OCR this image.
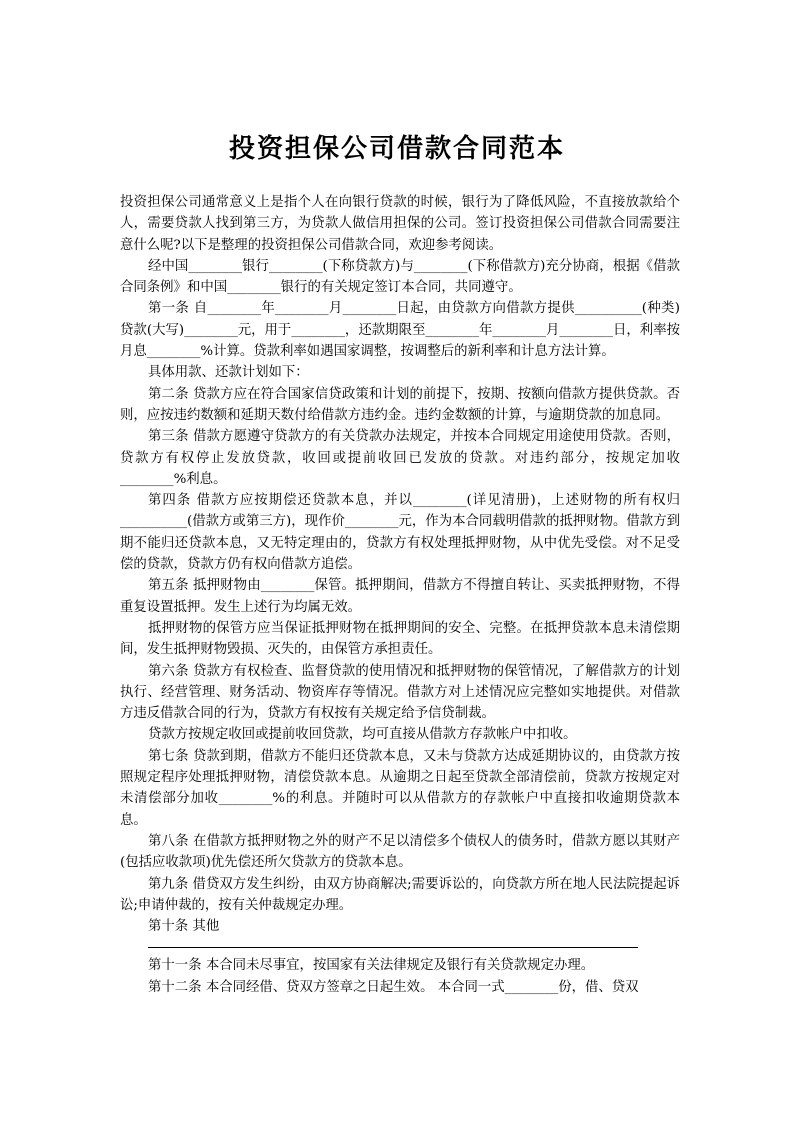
投资担保公司借款合同范本

投资担保公司通常意义上是指个人在向银行贷款的时候，银行为了降低风险，不直接放款给个人，需要贷款人找到第三方，为贷款人做信用担保的公司。签订投资担保公司借款合同需要注意什么呢?以下是整理的投资担保公司借款合同，欢迎参考阅读。

经中国________银行________(下称贷款方)与________(下称借款方)充分协商，根据《借款合同条例》和中国________银行的有关规定签订本合同，共同遵守。

第一条 自________年________月________日起，由贷款方向借款方提供__________(种类)贷款(大写)________元，用于________，还款期限至________年________月________日，利率按月息________%计算。贷款利率如遇国家调整，按调整后的新利率和计息方法计算。

具体用款、还款计划如下：

第二条 贷款方应在符合国家信贷政策和计划的前提下，按期、按额向借款方提供贷款。否则，应按违约数额和延期天数付给借款方违约金。违约金数额的计算，与逾期贷款的加息同。

第三条 借款方愿遵守贷款方的有关贷款办法规定，并按本合同规定用途使用贷款。否则，贷款方有权停止发放贷款，收回或提前收回已发放的贷款。对违约部分，按规定加收________%利息。

第四条 借款方应按期偿还贷款本息，并以________(详见清册)，上述财物的所有权归__________(借款方或第三方)，现作价________元，作为本合同载明借款的抵押财物。借款方到期不能归还贷款本息，又无特定理由的，贷款方有权处理抵押财物，从中优先受偿。对不足受偿的贷款，贷款方仍有权向借款方追偿。

第五条 抵押财物由________保管。抵押期间，借款方不得擅自转让、买卖抵押财物，不得重复设置抵押。发生上述行为均属无效。

抵押财物的保管方应当保证抵押财物在抵押期间的安全、完整。在抵押贷款本息未清偿期间，发生抵押财物毁损、灭失的，由保管方承担责任。

第六条 贷款方有权检查、监督贷款的使用情况和抵押财物的保管情况，了解借款方的计划执行、经营管理、财务活动、物资库存等情况。借款方对上述情况应完整如实地提供。对借款方违反借款合同的行为，贷款方有权按有关规定给予信贷制裁。

贷款方按规定收回或提前收回贷款，均可直接从借款方存款帐户中扣收。

第七条 贷款到期，借款方不能归还贷款本息，又未与贷款方达成延期协议的，由贷款方按照规定程序处理抵押财物，清偿贷款本息。从逾期之日起至贷款全部清偿前，贷款方按规定对未清偿部分加收________%的利息。并随时可以从借款方的存款帐户中直接扣收逾期贷款本息。

第八条 在借款方抵押财物之外的财产不足以清偿多个债权人的债务时，借款方愿以其财产(包括应收款项)优先偿还所欠贷款方的贷款本息。

第九条 借贷双方发生纠纷，由双方协商解决;需要诉讼的，向贷款方所在地人民法院提起诉讼;申请仲裁的，按有关仲裁规定办理。

第十条 其他

第十一条 本合同未尽事宜，按国家有关法律规定及银行有关贷款规定办理。

第十二条 本合同经借、贷双方签章之日起生效。 本合同一式________份，借、贷双
